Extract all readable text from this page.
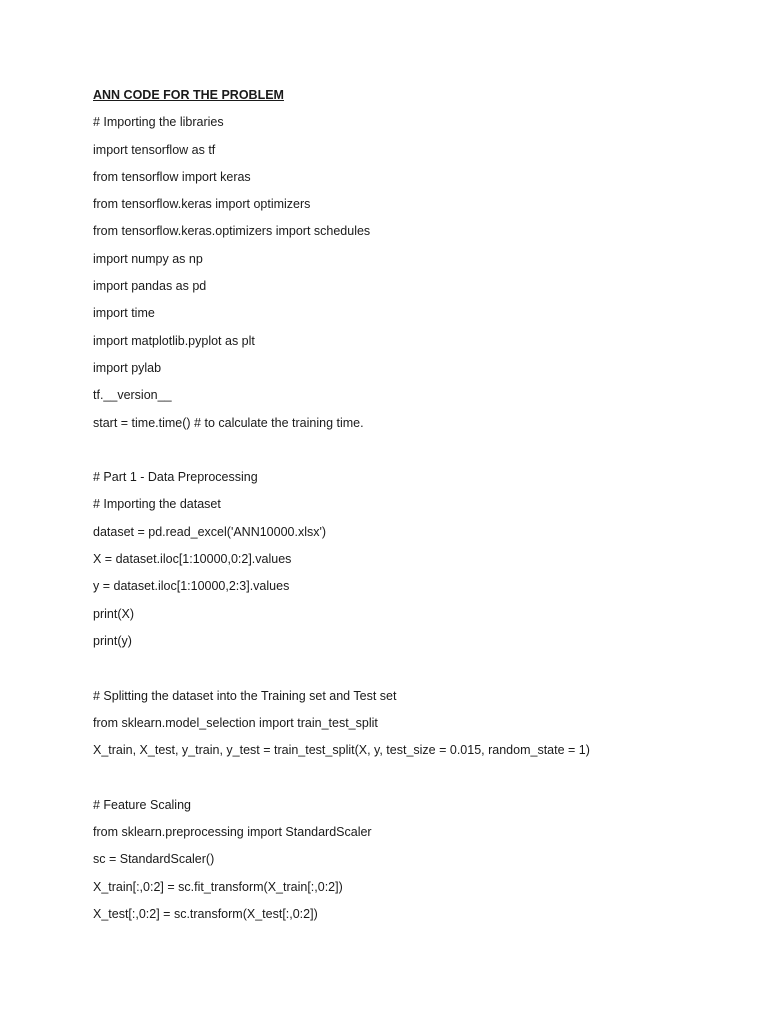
ANN CODE FOR THE PROBLEM
# Importing the libraries
import tensorflow as tf
from tensorflow import keras
from tensorflow.keras import optimizers
from tensorflow.keras.optimizers import schedules
import numpy as np
import pandas as pd
import time
import matplotlib.pyplot as plt
import pylab
tf.__version__
start = time.time() # to calculate the training time.
# Part 1 - Data Preprocessing
# Importing the dataset
dataset = pd.read_excel('ANN10000.xlsx')
X = dataset.iloc[1:10000,0:2].values
y = dataset.iloc[1:10000,2:3].values
print(X)
print(y)
# Splitting the dataset into the Training set and Test set
from sklearn.model_selection import train_test_split
X_train, X_test, y_train, y_test = train_test_split(X, y, test_size = 0.015, random_state = 1)
# Feature Scaling
from sklearn.preprocessing import StandardScaler
sc = StandardScaler()
X_train[:,0:2] = sc.fit_transform(X_train[:,0:2])
X_test[:,0:2] = sc.transform(X_test[:,0:2])
